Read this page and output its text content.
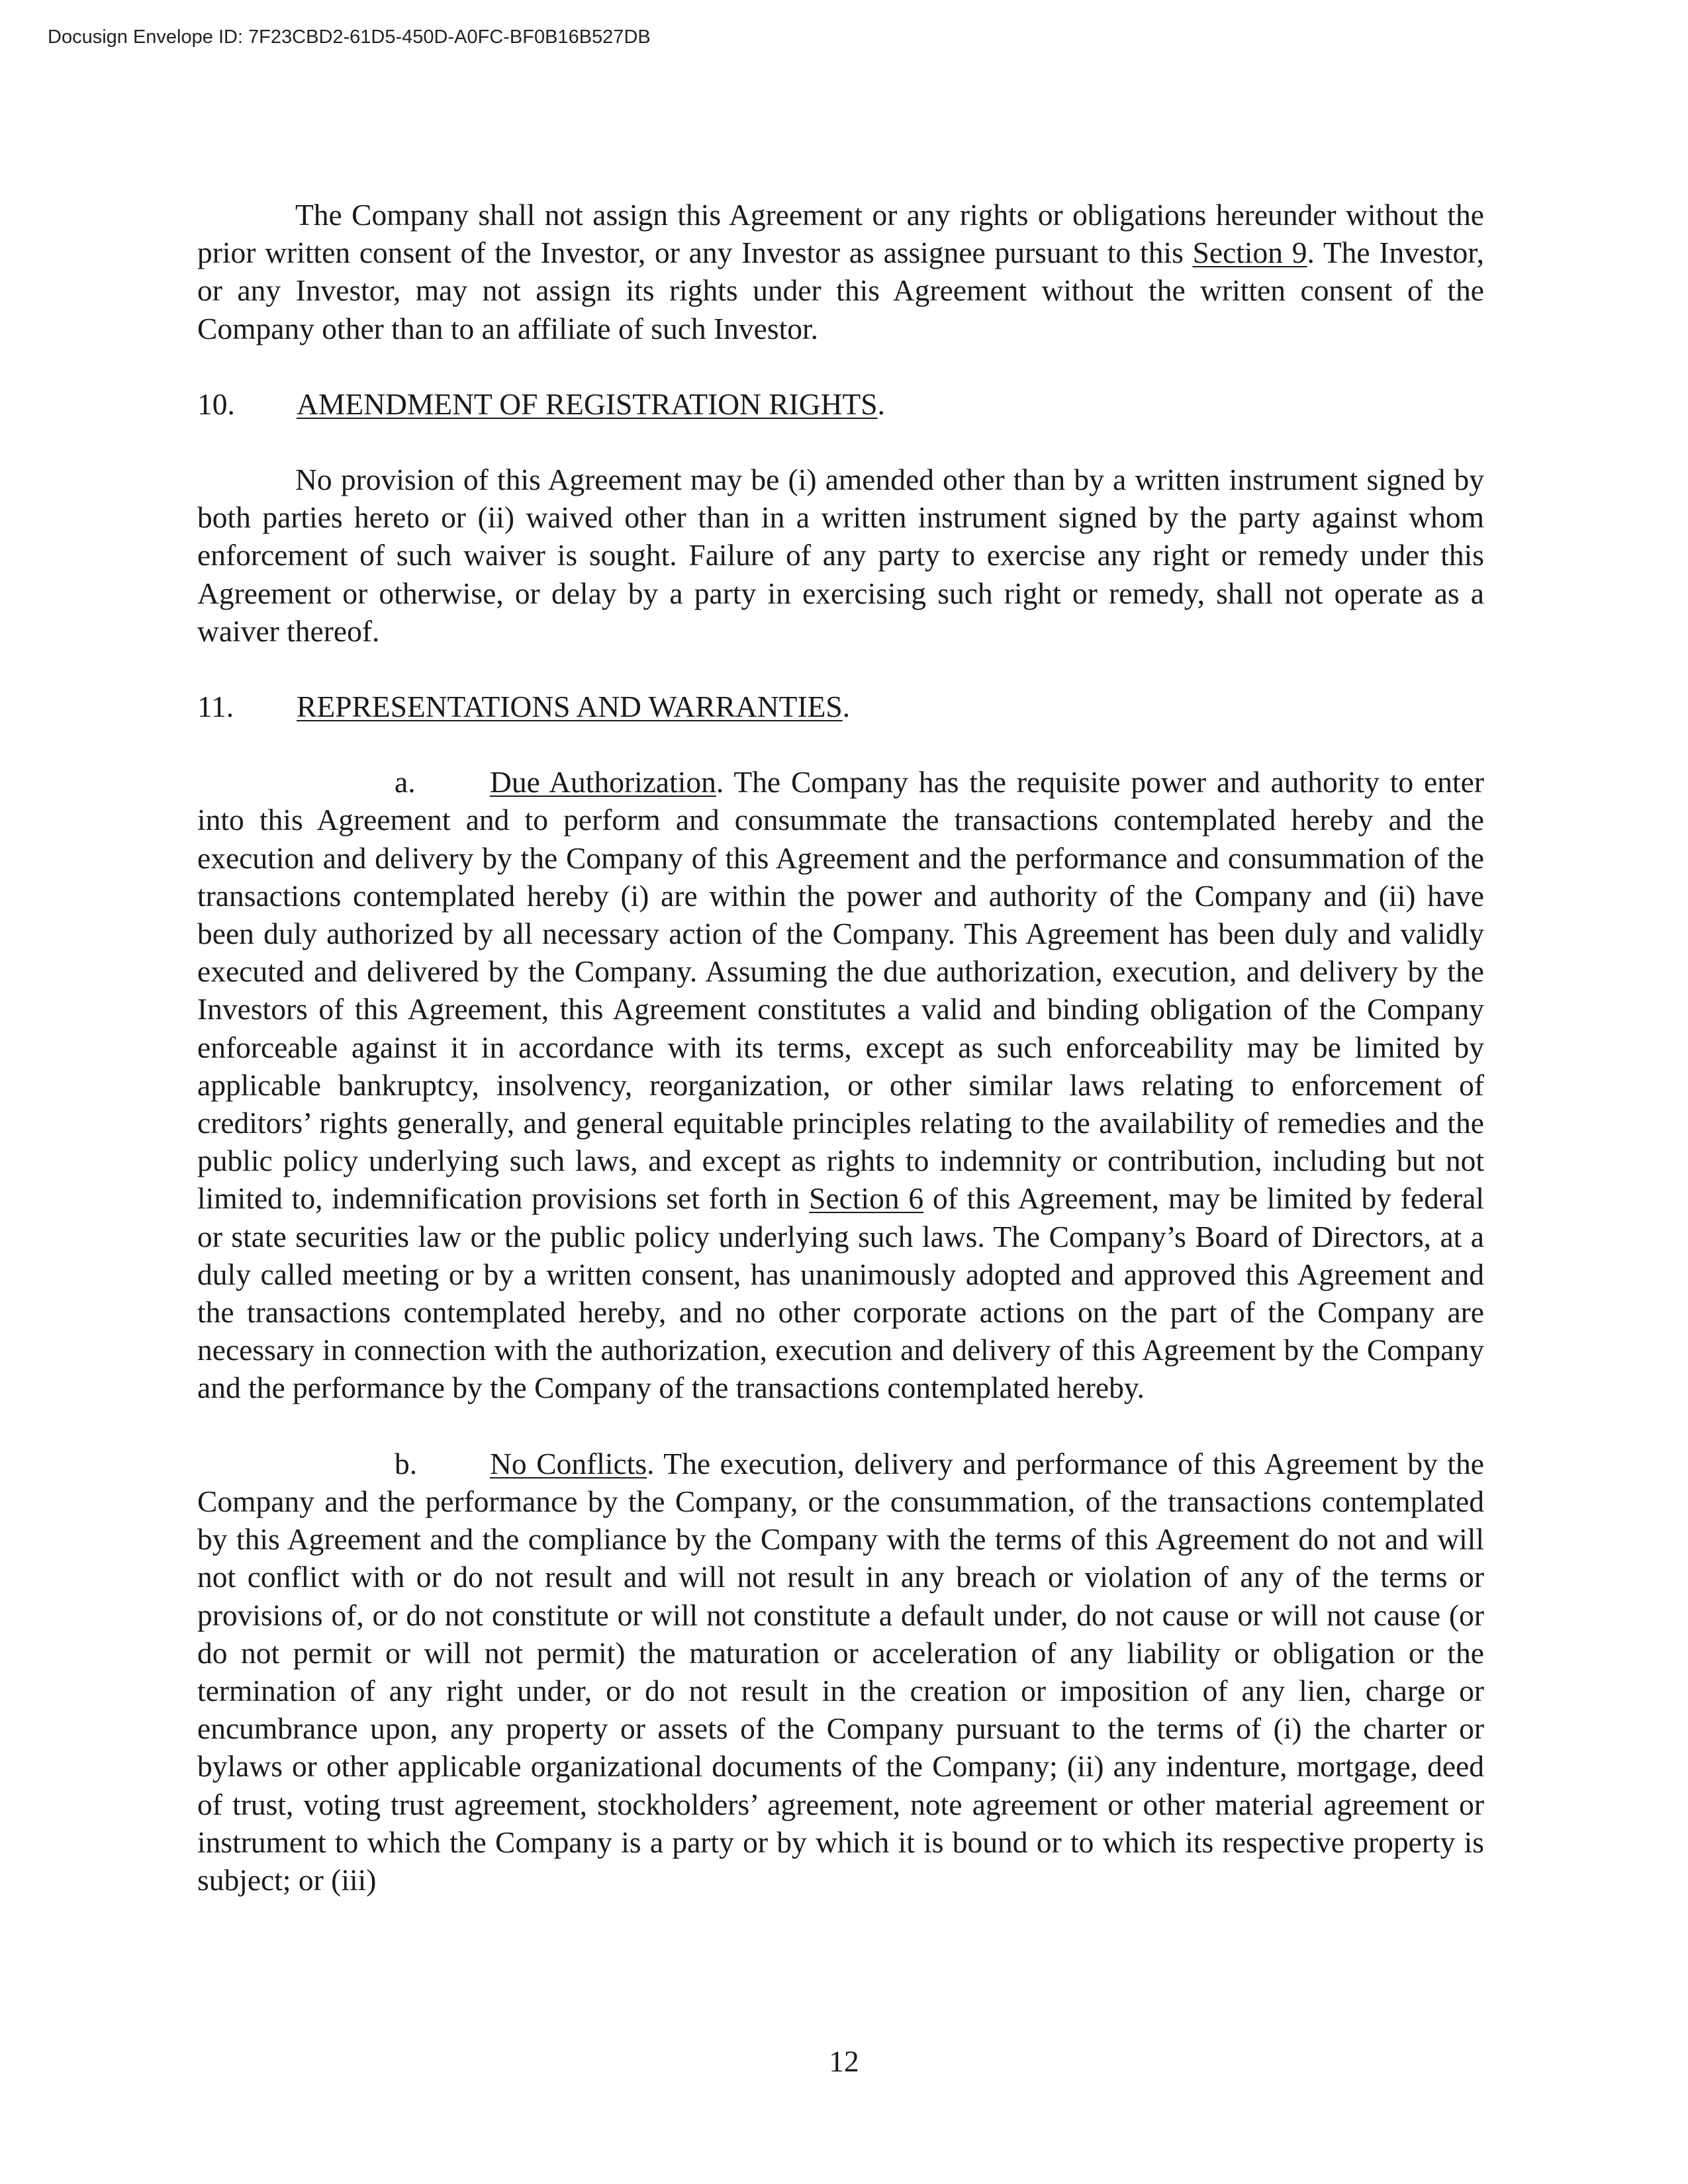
Docusign Envelope ID: 7F23CBD2-61D5-450D-A0FC-BF0B16B527DB

The Company shall not assign this Agreement or any rights or obligations hereunder without the prior written consent of the Investor, or any Investor as assignee pursuant to this Section 9. The Investor, or any Investor, may not assign its rights under this Agreement without the written consent of the Company other than to an affiliate of such Investor.

10. AMENDMENT OF REGISTRATION RIGHTS.

No provision of this Agreement may be (i) amended other than by a written instrument signed by both parties hereto or (ii) waived other than in a written instrument signed by the party against whom enforcement of such waiver is sought. Failure of any party to exercise any right or remedy under this Agreement or otherwise, or delay by a party in exercising such right or remedy, shall not operate as a waiver thereof.

11. REPRESENTATIONS AND WARRANTIES.

a. Due Authorization. The Company has the requisite power and authority to enter into this Agreement and to perform and consummate the transactions contemplated hereby and the execution and delivery by the Company of this Agreement and the performance and consummation of the transactions contemplated hereby (i) are within the power and authority of the Company and (ii) have been duly authorized by all necessary action of the Company. This Agreement has been duly and validly executed and delivered by the Company. Assuming the due authorization, execution, and delivery by the Investors of this Agreement, this Agreement constitutes a valid and binding obligation of the Company enforceable against it in accordance with its terms, except as such enforceability may be limited by applicable bankruptcy, insolvency, reorganization, or other similar laws relating to enforcement of creditors’ rights generally, and general equitable principles relating to the availability of remedies and the public policy underlying such laws, and except as rights to indemnity or contribution, including but not limited to, indemnification provisions set forth in Section 6 of this Agreement, may be limited by federal or state securities law or the public policy underlying such laws. The Company’s Board of Directors, at a duly called meeting or by a written consent, has unanimously adopted and approved this Agreement and the transactions contemplated hereby, and no other corporate actions on the part of the Company are necessary in connection with the authorization, execution and delivery of this Agreement by the Company and the performance by the Company of the transactions contemplated hereby.

b. No Conflicts. The execution, delivery and performance of this Agreement by the Company and the performance by the Company, or the consummation, of the transactions contemplated by this Agreement and the compliance by the Company with the terms of this Agreement do not and will not conflict with or do not result and will not result in any breach or violation of any of the terms or provisions of, or do not constitute or will not constitute a default under, do not cause or will not cause (or do not permit or will not permit) the maturation or acceleration of any liability or obligation or the termination of any right under, or do not result in the creation or imposition of any lien, charge or encumbrance upon, any property or assets of the Company pursuant to the terms of (i) the charter or bylaws or other applicable organizational documents of the Company; (ii) any indenture, mortgage, deed of trust, voting trust agreement, stockholders’ agreement, note agreement or other material agreement or instrument to which the Company is a party or by which it is bound or to which its respective property is subject; or (iii)

12
